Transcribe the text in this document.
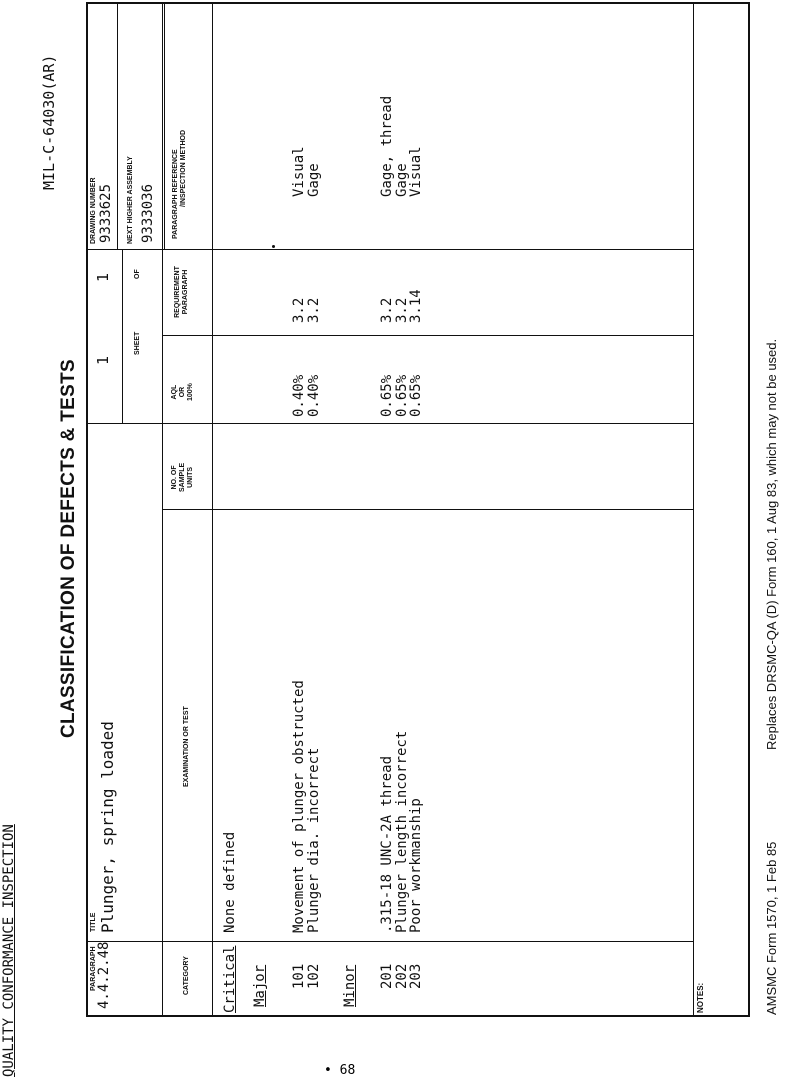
QUALITY CONFORMANCE INSPECTION
MIL-C-64030(AR)
CLASSIFICATION OF DEFECTS & TESTS
PARAGRAPH 4.4.2.48
TITLE Plunger, spring loaded
1
1
SHEET
OF
DRAWING NUMBER 9333625 NEXT HIGHER ASSEMBLY 9333036
CATEGORY
EXAMINATION OR TEST
NO. OF SAMPLE UNITS
AQL OR 100%
REQUIREMENT PARAGRAPH
PARAGRAPH REFERENCE /INSPECTION METHOD
Critical
None defined
Major 101
102
Movement of plunger obstructed
Plunger dia. incorrect
0.40%
0.40%
3.2
3.2
Visual
Gage
Minor 201
202
203
.315-18 UNC-2A thread
Plunger length incorrect
Poor workmanship
0.65%
0.65%
0.65%
3.2
3.2
3.14
Gage, thread
Gage
Visual
NOTES:	AMSMC Form 1570, 1 Feb 85
Replaces DRSMC-QA (D) Form 160, 1 Aug 83, which may not be used.
• 68
